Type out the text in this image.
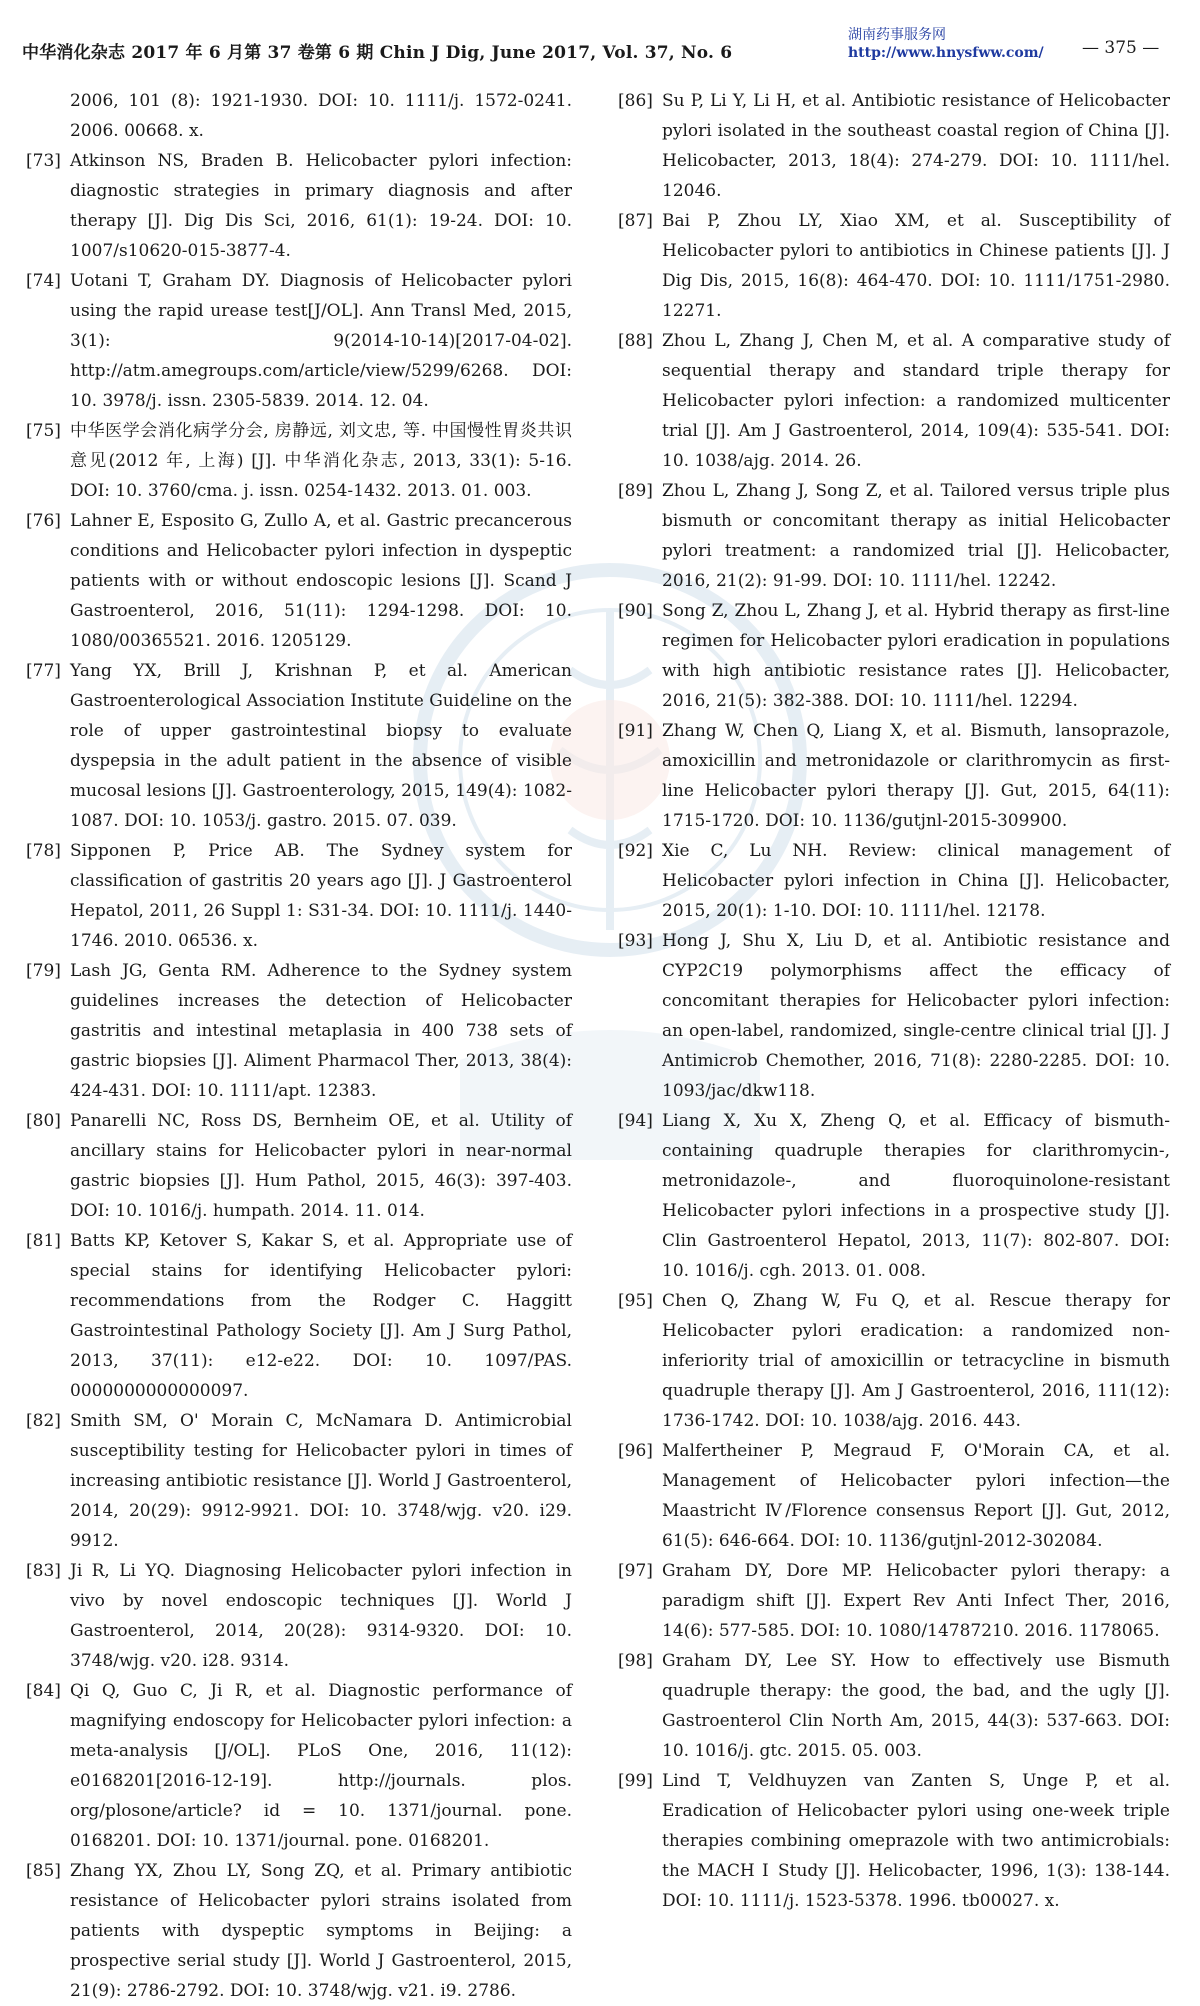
中华消化杂志 2017 年 6 月第 37 卷第 6 期 Chin J Dig, June 2017, Vol. 37, No. 6
湖南药事服务网
http://www.hnysfww.com/ — 375 —
2006, 101 (8): 1921-1930. DOI: 10. 1111/j. 1572-0241. 2006. 00668. x.
[73] Atkinson NS, Braden B. Helicobacter pylori infection: diagnostic strategies in primary diagnosis and after therapy [J]. Dig Dis Sci, 2016, 61(1): 19-24. DOI: 10. 1007/s10620-015-3877-4.
[74] Uotani T, Graham DY. Diagnosis of Helicobacter pylori using the rapid urease test[J/OL]. Ann Transl Med, 2015, 3(1): 9(2014-10-14)[2017-04-02]. http://atm.amegroups.com/article/view/5299/6268. DOI: 10. 3978/j. issn. 2305-5839. 2014. 12. 04.
[75] 中华医学会消化病学分会, 房静远, 刘文忠, 等. 中国慢性胃炎共识意见(2012 年, 上海) [J]. 中华消化杂志, 2013, 33(1): 5-16. DOI: 10. 3760/cma. j. issn. 0254-1432. 2013. 01. 003.
[76] Lahner E, Esposito G, Zullo A, et al. Gastric precancerous conditions and Helicobacter pylori infection in dyspeptic patients with or without endoscopic lesions [J]. Scand J Gastroenterol, 2016, 51(11): 1294-1298. DOI: 10. 1080/00365521. 2016. 1205129.
[77] Yang YX, Brill J, Krishnan P, et al. American Gastroenterological Association Institute Guideline on the role of upper gastrointestinal biopsy to evaluate dyspepsia in the adult patient in the absence of visible mucosal lesions [J]. Gastroenterology, 2015, 149(4): 1082-1087. DOI: 10. 1053/j. gastro. 2015. 07. 039.
[78] Sipponen P, Price AB. The Sydney system for classification of gastritis 20 years ago [J]. J Gastroenterol Hepatol, 2011, 26 Suppl 1: S31-34. DOI: 10. 1111/j. 1440-1746. 2010. 06536. x.
[79] Lash JG, Genta RM. Adherence to the Sydney system guidelines increases the detection of Helicobacter gastritis and intestinal metaplasia in 400 738 sets of gastric biopsies [J]. Aliment Pharmacol Ther, 2013, 38(4): 424-431. DOI: 10. 1111/apt. 12383.
[80] Panarelli NC, Ross DS, Bernheim OE, et al. Utility of ancillary stains for Helicobacter pylori in near-normal gastric biopsies [J]. Hum Pathol, 2015, 46(3): 397-403. DOI: 10. 1016/j. humpath. 2014. 11. 014.
[81] Batts KP, Ketover S, Kakar S, et al. Appropriate use of special stains for identifying Helicobacter pylori: recommendations from the Rodger C. Haggitt Gastrointestinal Pathology Society [J]. Am J Surg Pathol, 2013, 37(11): e12-e22. DOI: 10. 1097/PAS. 0000000000000097.
[82] Smith SM, O' Morain C, McNamara D. Antimicrobial susceptibility testing for Helicobacter pylori in times of increasing antibiotic resistance [J]. World J Gastroenterol, 2014, 20(29): 9912-9921. DOI: 10. 3748/wjg. v20. i29. 9912.
[83] Ji R, Li YQ. Diagnosing Helicobacter pylori infection in vivo by novel endoscopic techniques [J]. World J Gastroenterol, 2014, 20(28): 9314-9320. DOI: 10. 3748/wjg. v20. i28. 9314.
[84] Qi Q, Guo C, Ji R, et al. Diagnostic performance of magnifying endoscopy for Helicobacter pylori infection: a meta-analysis [J/OL]. PLoS One, 2016, 11(12): e0168201[2016-12-19]. http://journals. plos. org/plosone/article? id = 10. 1371/journal. pone. 0168201. DOI: 10. 1371/journal. pone. 0168201.
[85] Zhang YX, Zhou LY, Song ZQ, et al. Primary antibiotic resistance of Helicobacter pylori strains isolated from patients with dyspeptic symptoms in Beijing: a prospective serial study [J]. World J Gastroenterol, 2015, 21(9): 2786-2792. DOI: 10. 3748/wjg. v21. i9. 2786.
[86] Su P, Li Y, Li H, et al. Antibiotic resistance of Helicobacter pylori isolated in the southeast coastal region of China [J]. Helicobacter, 2013, 18(4): 274-279. DOI: 10. 1111/hel. 12046.
[87] Bai P, Zhou LY, Xiao XM, et al. Susceptibility of Helicobacter pylori to antibiotics in Chinese patients [J]. J Dig Dis, 2015, 16(8): 464-470. DOI: 10. 1111/1751-2980. 12271.
[88] Zhou L, Zhang J, Chen M, et al. A comparative study of sequential therapy and standard triple therapy for Helicobacter pylori infection: a randomized multicenter trial [J]. Am J Gastroenterol, 2014, 109(4): 535-541. DOI: 10. 1038/ajg. 2014. 26.
[89] Zhou L, Zhang J, Song Z, et al. Tailored versus triple plus bismuth or concomitant therapy as initial Helicobacter pylori treatment: a randomized trial [J]. Helicobacter, 2016, 21(2): 91-99. DOI: 10. 1111/hel. 12242.
[90] Song Z, Zhou L, Zhang J, et al. Hybrid therapy as first-line regimen for Helicobacter pylori eradication in populations with high antibiotic resistance rates [J]. Helicobacter, 2016, 21(5): 382-388. DOI: 10. 1111/hel. 12294.
[91] Zhang W, Chen Q, Liang X, et al. Bismuth, lansoprazole, amoxicillin and metronidazole or clarithromycin as first-line Helicobacter pylori therapy [J]. Gut, 2015, 64(11): 1715-1720. DOI: 10. 1136/gutjnl-2015-309900.
[92] Xie C, Lu NH. Review: clinical management of Helicobacter pylori infection in China [J]. Helicobacter, 2015, 20(1): 1-10. DOI: 10. 1111/hel. 12178.
[93] Hong J, Shu X, Liu D, et al. Antibiotic resistance and CYP2C19 polymorphisms affect the efficacy of concomitant therapies for Helicobacter pylori infection: an open-label, randomized, single-centre clinical trial [J]. J Antimicrob Chemother, 2016, 71(8): 2280-2285. DOI: 10. 1093/jac/dkw118.
[94] Liang X, Xu X, Zheng Q, et al. Efficacy of bismuth-containing quadruple therapies for clarithromycin-, metronidazole-, and fluoroquinolone-resistant Helicobacter pylori infections in a prospective study [J]. Clin Gastroenterol Hepatol, 2013, 11(7): 802-807. DOI: 10. 1016/j. cgh. 2013. 01. 008.
[95] Chen Q, Zhang W, Fu Q, et al. Rescue therapy for Helicobacter pylori eradication: a randomized non-inferiority trial of amoxicillin or tetracycline in bismuth quadruple therapy [J]. Am J Gastroenterol, 2016, 111(12): 1736-1742. DOI: 10. 1038/ajg. 2016. 443.
[96] Malfertheiner P, Megraud F, O'Morain CA, et al. Management of Helicobacter pylori infection—the Maastricht Ⅳ/Florence consensus Report [J]. Gut, 2012, 61(5): 646-664. DOI: 10. 1136/gutjnl-2012-302084.
[97] Graham DY, Dore MP. Helicobacter pylori therapy: a paradigm shift [J]. Expert Rev Anti Infect Ther, 2016, 14(6): 577-585. DOI: 10. 1080/14787210. 2016. 1178065.
[98] Graham DY, Lee SY. How to effectively use Bismuth quadruple therapy: the good, the bad, and the ugly [J]. Gastroenterol Clin North Am, 2015, 44(3): 537-663. DOI: 10. 1016/j. gtc. 2015. 05. 003.
[99] Lind T, Veldhuyzen van Zanten S, Unge P, et al. Eradication of Helicobacter pylori using one-week triple therapies combining omeprazole with two antimicrobials: the MACH Ⅰ Study [J]. Helicobacter, 1996, 1(3): 138-144. DOI: 10. 1111/j. 1523-5378. 1996. tb00027. x.
